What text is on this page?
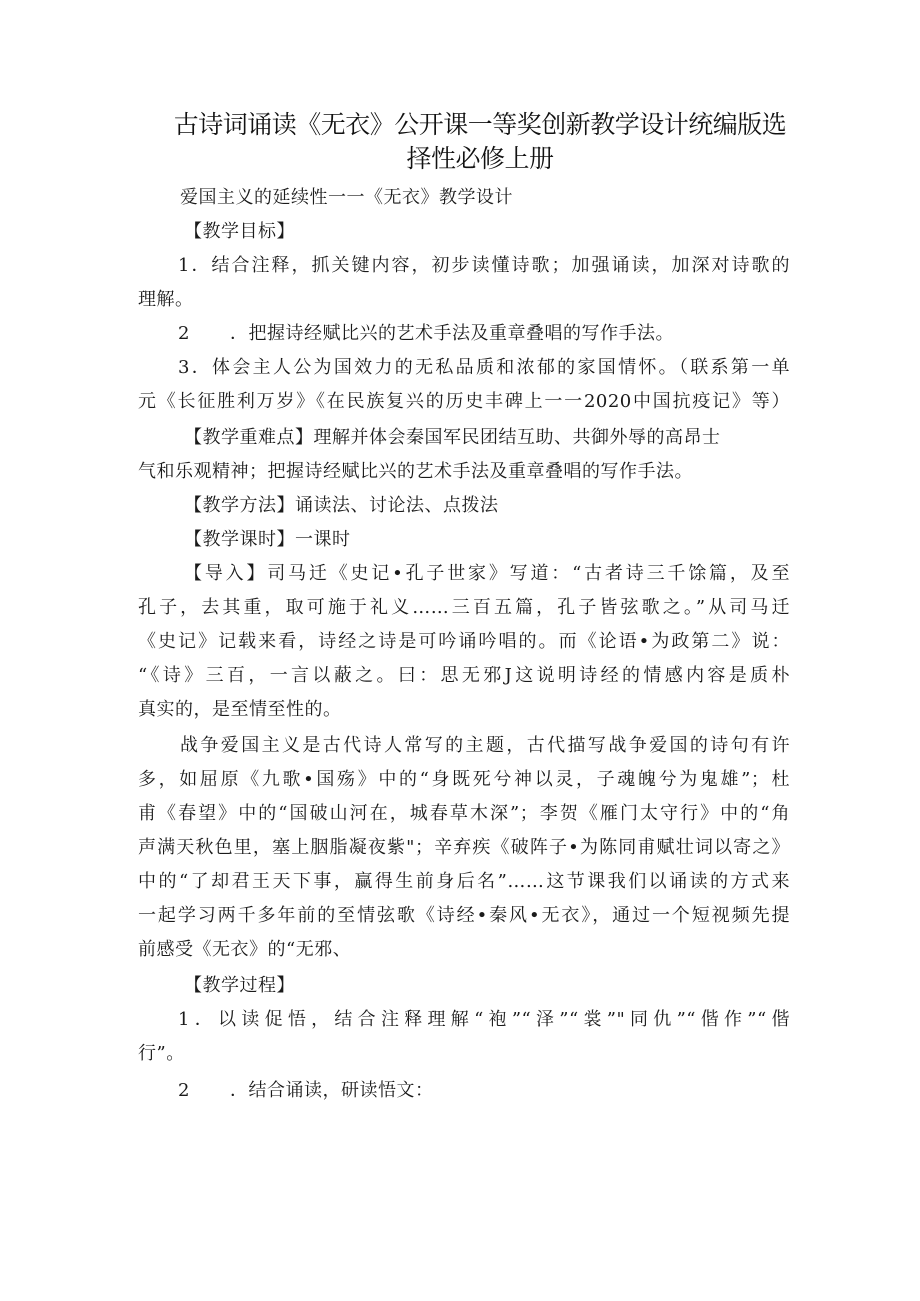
古诗词诵读《无衣》公开课一等奖创新教学设计统编版选
择性必修上册
爱国主义的延续性一一《无衣》教学设计
【教学目标】
1．结合注释，抓关键内容，初步读懂诗歌；加强诵读，加深对诗歌的
理解。
2 ．把握诗经赋比兴的艺术手法及重章叠唱的写作手法。
3．体会主人公为国效力的无私品质和浓郁的家国情怀。（联系第一单
元《长征胜利万岁》《在民族复兴的历史丰碑上一一2020中国抗疫记》等）
【教学重难点】理解并体会秦国军民团结互助、共御外辱的高昂士
气和乐观精神；把握诗经赋比兴的艺术手法及重章叠唱的写作手法。
【教学方法】诵读法、讨论法、点拨法
【教学课时】一课时
【导入】司马迁《史记•孔子世家》写道：“古者诗三千馀篇，及至
孔子，去其重，取可施于礼义……三百五篇，孔子皆弦歌之。”从司马迁
《史记》记载来看，诗经之诗是可吟诵吟唱的。而《论语•为政第二》说：
“《诗》三百，一言以蔽之。曰：思无邪J这说明诗经的情感内容是质朴
真实的，是至情至性的。
战争爱国主义是古代诗人常写的主题，古代描写战争爱国的诗句有许
多，如屈原《九歌•国殇》中的“身既死兮神以灵，子魂魄兮为鬼雄”；杜
甫《春望》中的“国破山河在，城春草木深”；李贺《雁门太守行》中的“角
声满天秋色里，塞上胭脂凝夜紫"；辛弃疾《破阵子•为陈同甫赋壮词以寄之》
中的“了却君王天下事，赢得生前身后名”……这节课我们以诵读的方式来
一起学习两千多年前的至情弦歌《诗经•秦风•无衣》，通过一个短视频先提
前感受《无衣》的“无邪、
【教学过程】
1．以读促悟，结合注释理解“袍”“泽”“裳”"同仇”“偕作”“偕
行”。
2 ．结合诵读，研读悟文：
